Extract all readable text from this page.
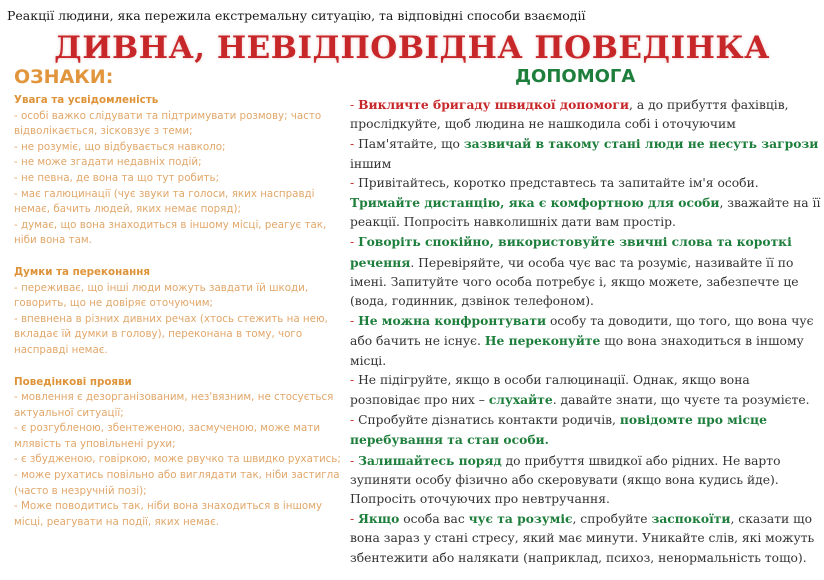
Реакції людини, яка пережила екстремальну ситуацію, та відповідні способи взаємодії
ДИВНА, НЕВІДПОВІДНА ПОВЕДІНКА
ОЗНАКИ:	ДОПОМОГА
Увага та усвідомленість
- особі важко слідувати та підтримувати розмову; часто
відволікається, зісковзує з теми;
- не розуміє, що відбувається навколо;
- не може згадати недавніх подій;
- не певна, де вона та що тут робить;
- має галюцинації (чує звуки та голоси, яких насправді
немає, бачить людей, яких немає поряд);
- думає, що вона знаходиться в іншому місці, реагує так,
ніби вона там.
Думки та переконання
- переживає, що інші люди можуть завдати їй шкоди,
говорить, що не довіряє оточуючим;
- впевнена в різних дивних речах (хтось стежить на нею,
вкладає їй думки в голову), переконана в тому, чого
насправді немає.
Поведінкові прояви
- мовлення є дезорганізованим, нез'вязним, не стосується
актуальної ситуації;
- є розгубленою, збентеженою, засмученою, може мати
млявість та уповільнені рухи;
- є збудженою, говіркою, може рвучко та швидко рухатись;
- може рухатись повільно або виглядати так, ніби застигла
(часто в незручній позі);
- Може поводитись так, ніби вона знаходиться в іншому
місці, реагувати на події, яких немає.
- Викличте бригаду швидкої допомоги, а до прибуття фахівців,
прослідкуйте, щоб людина не нашкодила собі і оточуючим
- Пам'ятайте, що зазвичай в такому стані люди не несуть загрози
іншим
- Привітайтесь, коротко представтесь та запитайте ім'я особи.
Тримайте дистанцію, яка є комфортною для особи, зважайте на її
реакції. Попросіть навколишніх дати вам простір.
- Говоріть спокійно, використовуйте звичні слова та короткі
речення. Перевіряйте, чи особа чує вас та розуміє, називайте її по
імені. Запитуйте чого особа потребує і, якщо можете, забезпечте це
(вода, годинник, дзвінок телефоном).
- Не можна конфронтувати особу та доводити, що того, що вона чує
або бачить не існує. Не переконуйте що вона знаходиться в іншому
місці.
- Не підігруйте, якщо в особи галюцинації. Однак, якщо вона
розповідає про них – слухайте. давайте знати, що чуєте та розумієте.
- Спробуйте дізнатись контакти родичів, повідомте про місце
перебування та стан особи.
- Залишайтесь поряд до прибуття швидкої або рідних. Не варто
зупиняти особу фізично або скеровувати (якщо вона кудись йде).
Попросіть оточуючих про невтручання.
- Якщо особа вас чує та розуміє, спробуйте заспокоїти, сказати що
вона зараз у стані стресу, який має минути. Уникайте слів, які можуть
збентежити або налякати (наприклад, психоз, ненормальність тощо).
